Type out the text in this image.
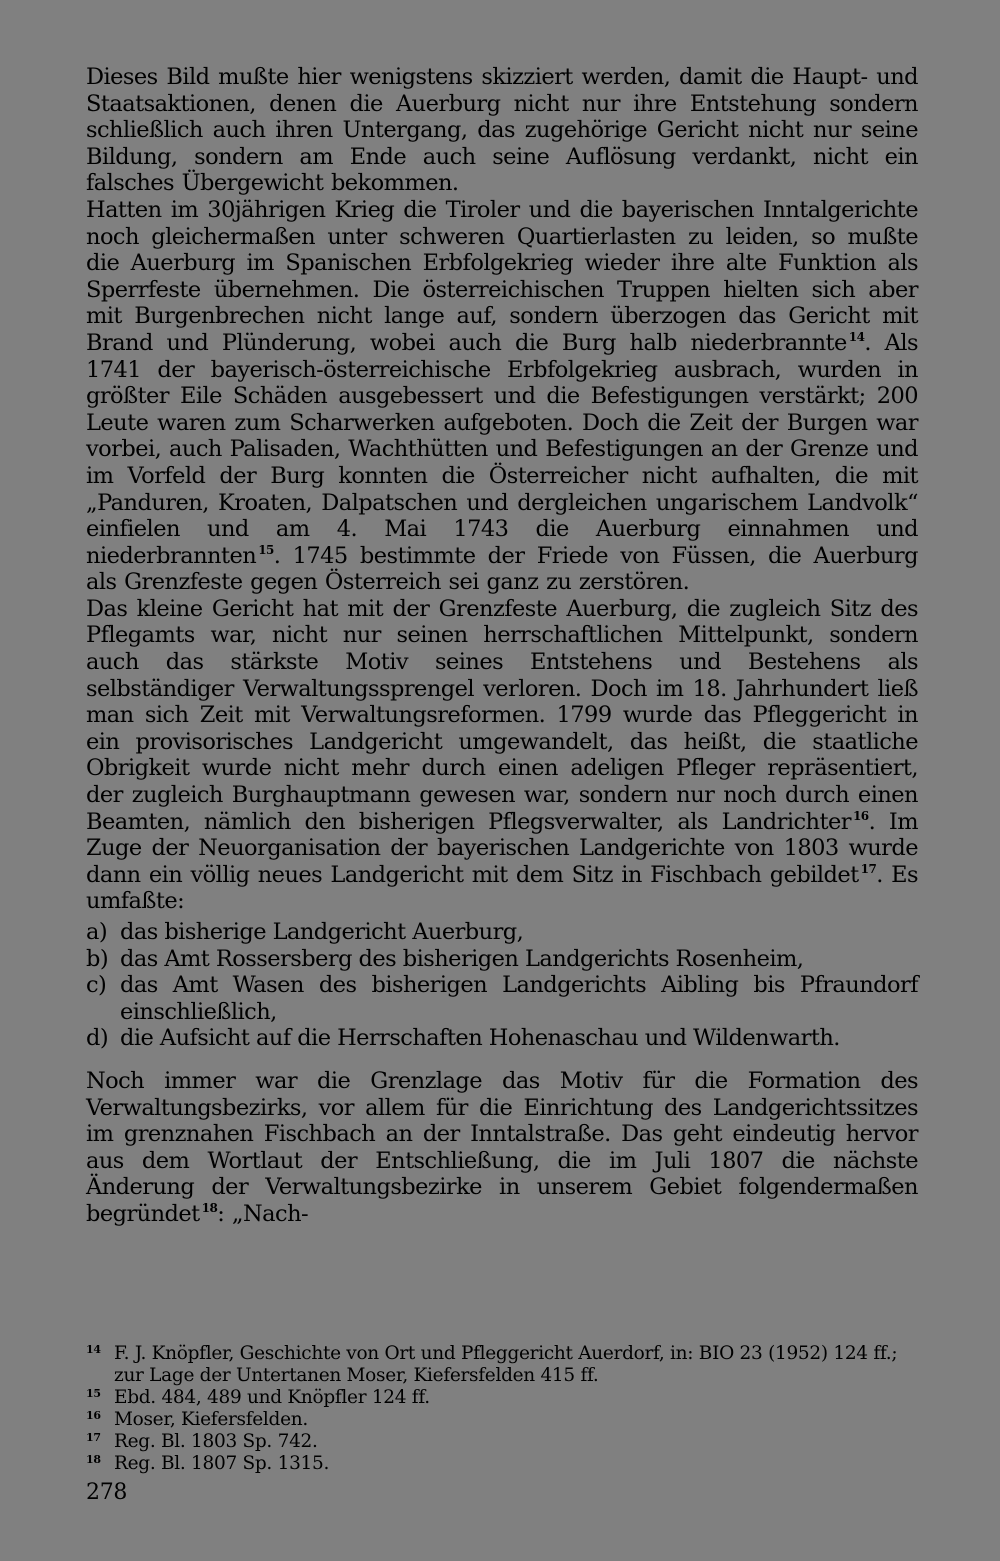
Dieses Bild mußte hier wenigstens skizziert werden, damit die Haupt- und Staatsaktionen, denen die Auerburg nicht nur ihre Entstehung sondern schließlich auch ihren Untergang, das zugehörige Gericht nicht nur seine Bildung, sondern am Ende auch seine Auflösung verdankt, nicht ein falsches Übergewicht bekommen.

Hatten im 30jährigen Krieg die Tiroler und die bayerischen Inntalgerichte noch gleichermaßen unter schweren Quartierlasten zu leiden, so mußte die Auerburg im Spanischen Erbfolgekrieg wieder ihre alte Funktion als Sperrfeste übernehmen. Die österreichischen Truppen hielten sich aber mit Burgenbrechen nicht lange auf, sondern überzogen das Gericht mit Brand und Plünderung, wobei auch die Burg halb niederbrannte $^{14}$. Als 1741 der bayerisch-österreichische Erbfolgekrieg ausbrach, wurden in größter Eile Schäden ausgebessert und die Befestigungen verstärkt; 200 Leute waren zum Scharwerken aufgeboten. Doch die Zeit der Burgen war vorbei, auch Palisaden, Wachthütten und Befestigungen an der Grenze und im Vorfeld der Burg konnten die Österreicher nicht aufhalten, die mit „Panduren, Kroaten, Dalpatschen und dergleichen ungarischem Landvolk“ einfielen und am 4. Mai 1743 die Auerburg einnahmen und niederbrannten $^{15}$. 1745 bestimmte der Friede von Füssen, die Auerburg als Grenzfeste gegen Österreich sei ganz zu zerstören.

Das kleine Gericht hat mit der Grenzfeste Auerburg, die zugleich Sitz des Pflegamts war, nicht nur seinen herrschaftlichen Mittelpunkt, sondern auch das stärkste Motiv seines Entstehens und Bestehens als selbständiger Verwaltungssprengel verloren. Doch im 18. Jahrhundert ließ man sich Zeit mit Verwaltungsreformen. 1799 wurde das Pfleggericht in ein provisorisches Landgericht umgewandelt, das heißt, die staatliche Obrigkeit wurde nicht mehr durch einen adeligen Pfleger repräsentiert, der zugleich Burghauptmann gewesen war, sondern nur noch durch einen Beamten, nämlich den bisherigen Pflegsverwalter, als Landrichter $^{16}$. Im Zuge der Neuorganisation der bayerischen Landgerichte von 1803 wurde dann ein völlig neues Landgericht mit dem Sitz in Fischbach gebildet $^{17}$. Es umfaßte:

a) das bisherige Landgericht Auerburg,
b) das Amt Rossersberg des bisherigen Landgerichts Rosenheim,
c) das Amt Wasen des bisherigen Landgerichts Aibling bis Pfraundorf einschließlich,
d) die Aufsicht auf die Herrschaften Hohenaschau und Wildenwarth.

Noch immer war die Grenzlage das Motiv für die Formation des Verwaltungsbezirks, vor allem für die Einrichtung des Landgerichtssitzes im grenznahen Fischbach an der Inntalstraße. Das geht eindeutig hervor aus dem Wortlaut der Entschließung, die im Juli 1807 die nächste Änderung der Verwaltungsbezirke in unserem Gebiet folgendermaßen begründet $^{18}$: „Nach-

14 F. J. Knöpfler, Geschichte von Ort und Pfleggericht Auerdorf, in: BIO 23 (1952) 124 ff.; zur Lage der Untertanen Moser, Kiefersfelden 415 ff.

15 Ebd. 484, 489 und Knöpfler 124 ff.

16 Moser, Kiefersfelden.

17 Reg. Bl. 1803 Sp. 742.

18 Reg. Bl. 1807 Sp. 1315.

278
